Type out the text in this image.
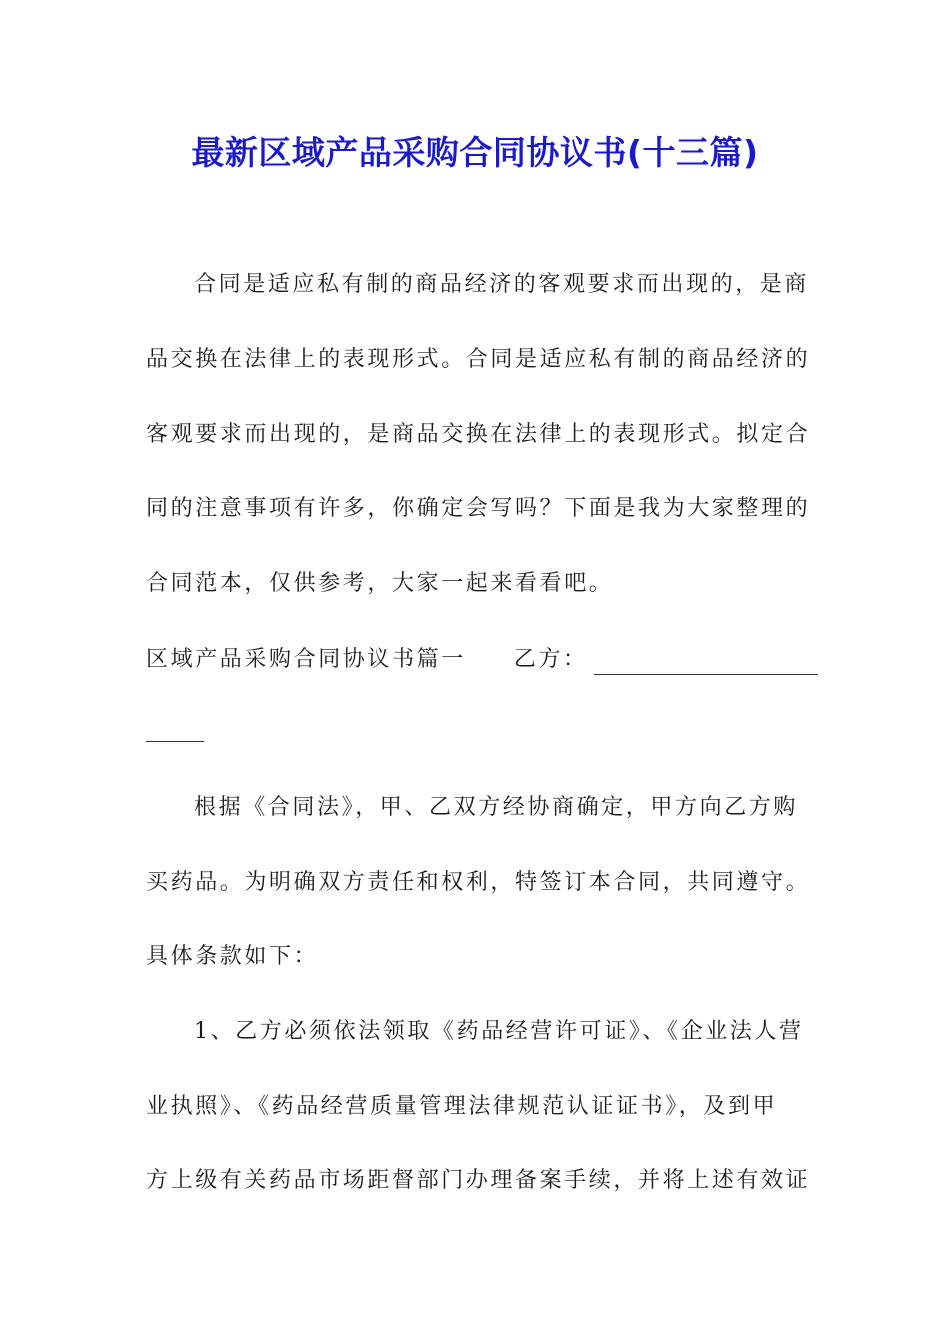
最新区域产品采购合同协议书(十三篇)
合同是适应私有制的商品经济的客观要求而出现的，是商
品交换在法律上的表现形式。合同是适应私有制的商品经济的
客观要求而出现的，是商品交换在法律上的表现形式。拟定合
同的注意事项有许多，你确定会写吗？下面是我为大家整理的
合同范本，仅供参考，大家一起来看看吧。
区域产品采购合同协议书篇一 乙方：
根据《合同法》，甲、乙双方经协商确定，甲方向乙方购
买药品。为明确双方责任和权利，特签订本合同，共同遵守。
具体条款如下：
1、乙方必须依法领取《药品经营许可证》、《企业法人营
业执照》、《药品经营质量管理法律规范认证证书》，及到甲
方上级有关药品市场距督部门办理备案手续，并将上述有效证
